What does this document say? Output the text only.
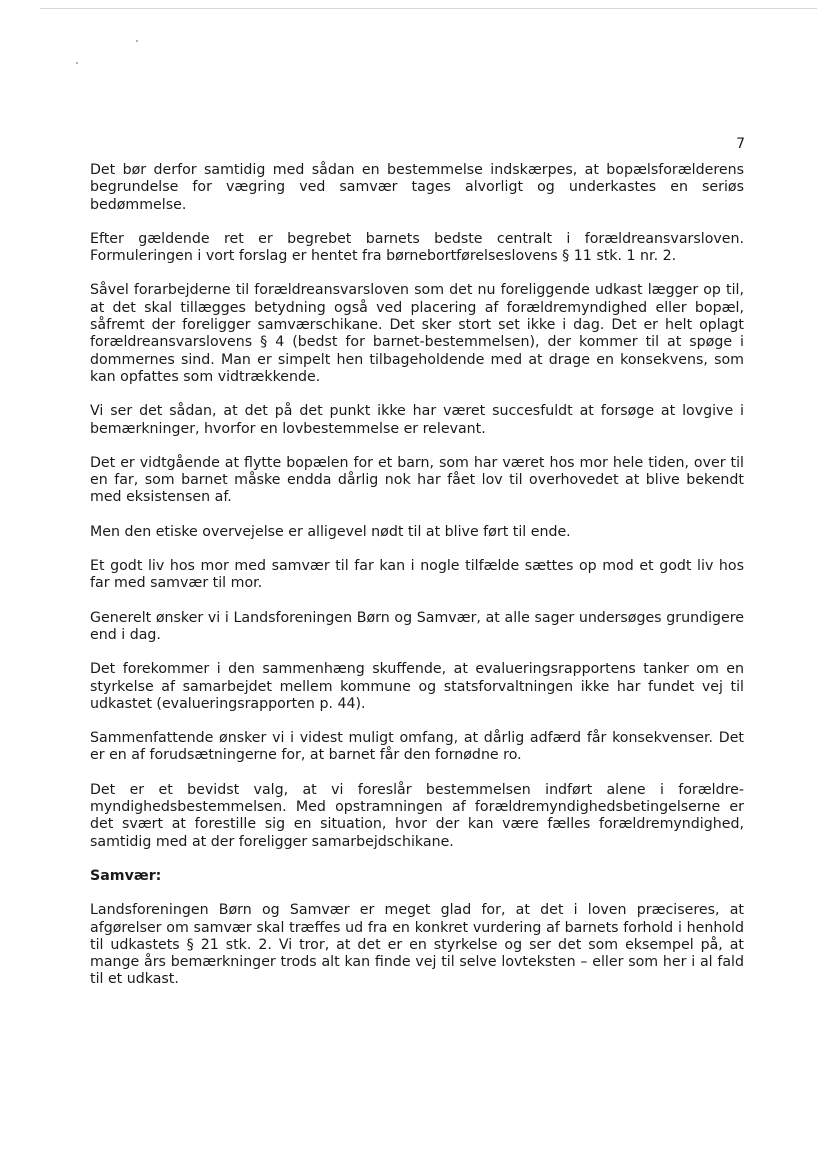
7

Det bør derfor samtidig med sådan en bestemmelse indskærpes, at bopælsforælderens begrundelse for vægring ved samvær tages alvorligt og underkastes en seriøs bedømmelse.

Efter gældende ret er begrebet barnets bedste centralt i forældreansvarsloven. Formuleringen i vort forslag er hentet fra børnebortførelseslovens § 11 stk. 1 nr. 2.

Såvel forarbejderne til forældreansvarsloven som det nu foreliggende udkast lægger op til, at det skal tillægges betydning også ved placering af forældremyndighed eller bopæl, såfremt der foreligger samværschikane. Det sker stort set ikke i dag. Det er helt oplagt forældreansvarslovens § 4 (bedst for barnet-bestemmelsen), der kommer til at spøge i dommernes sind. Man er simpelt hen tilbageholdende med at drage en konsekvens, som kan opfattes som vidtrækkende.

Vi ser det sådan, at det på det punkt ikke har været succesfuldt at forsøge at lovgive i bemærkninger, hvorfor en lovbestemmelse er relevant.

Det er vidtgående at flytte bopælen for et barn, som har været hos mor hele tiden, over til en far, som barnet måske endda dårlig nok har fået lov til overhovedet at blive bekendt med eksistensen af.

Men den etiske overvejelse er alligevel nødt til at blive ført til ende.

Et godt liv hos mor med samvær til far kan i nogle tilfælde sættes op mod et godt liv hos far med samvær til mor.

Generelt ønsker vi i Landsforeningen Børn og Samvær, at alle sager undersøges grundigere end i dag.

Det forekommer i den sammenhæng skuffende, at evalueringsrapportens tanker om en styrkelse af samarbejdet mellem kommune og statsforvaltningen ikke har fundet vej til udkastet (evalueringsrapporten p. 44).

Sammenfattende ønsker vi i videst muligt omfang, at dårlig adfærd får konsekvenser. Det er en af forudsætningerne for, at barnet får den fornødne ro.

Det er et bevidst valg, at vi foreslår bestemmelsen indført alene i forældre-myndighedsbestemmelsen. Med opstramningen af forældremyndighedsbetingelserne er det svært at forestille sig en situation, hvor der kan være fælles forældremyndighed, samtidig med at der foreligger samarbejdschikane.

Samvær:

Landsforeningen Børn og Samvær er meget glad for, at det i loven præciseres, at afgørelser om samvær skal træffes ud fra en konkret vurdering af barnets forhold i henhold til udkastets § 21 stk. 2. Vi tror, at det er en styrkelse og ser det som eksempel på, at mange års bemærkninger trods alt kan finde vej til selve lovteksten – eller som her i al fald til et udkast.
